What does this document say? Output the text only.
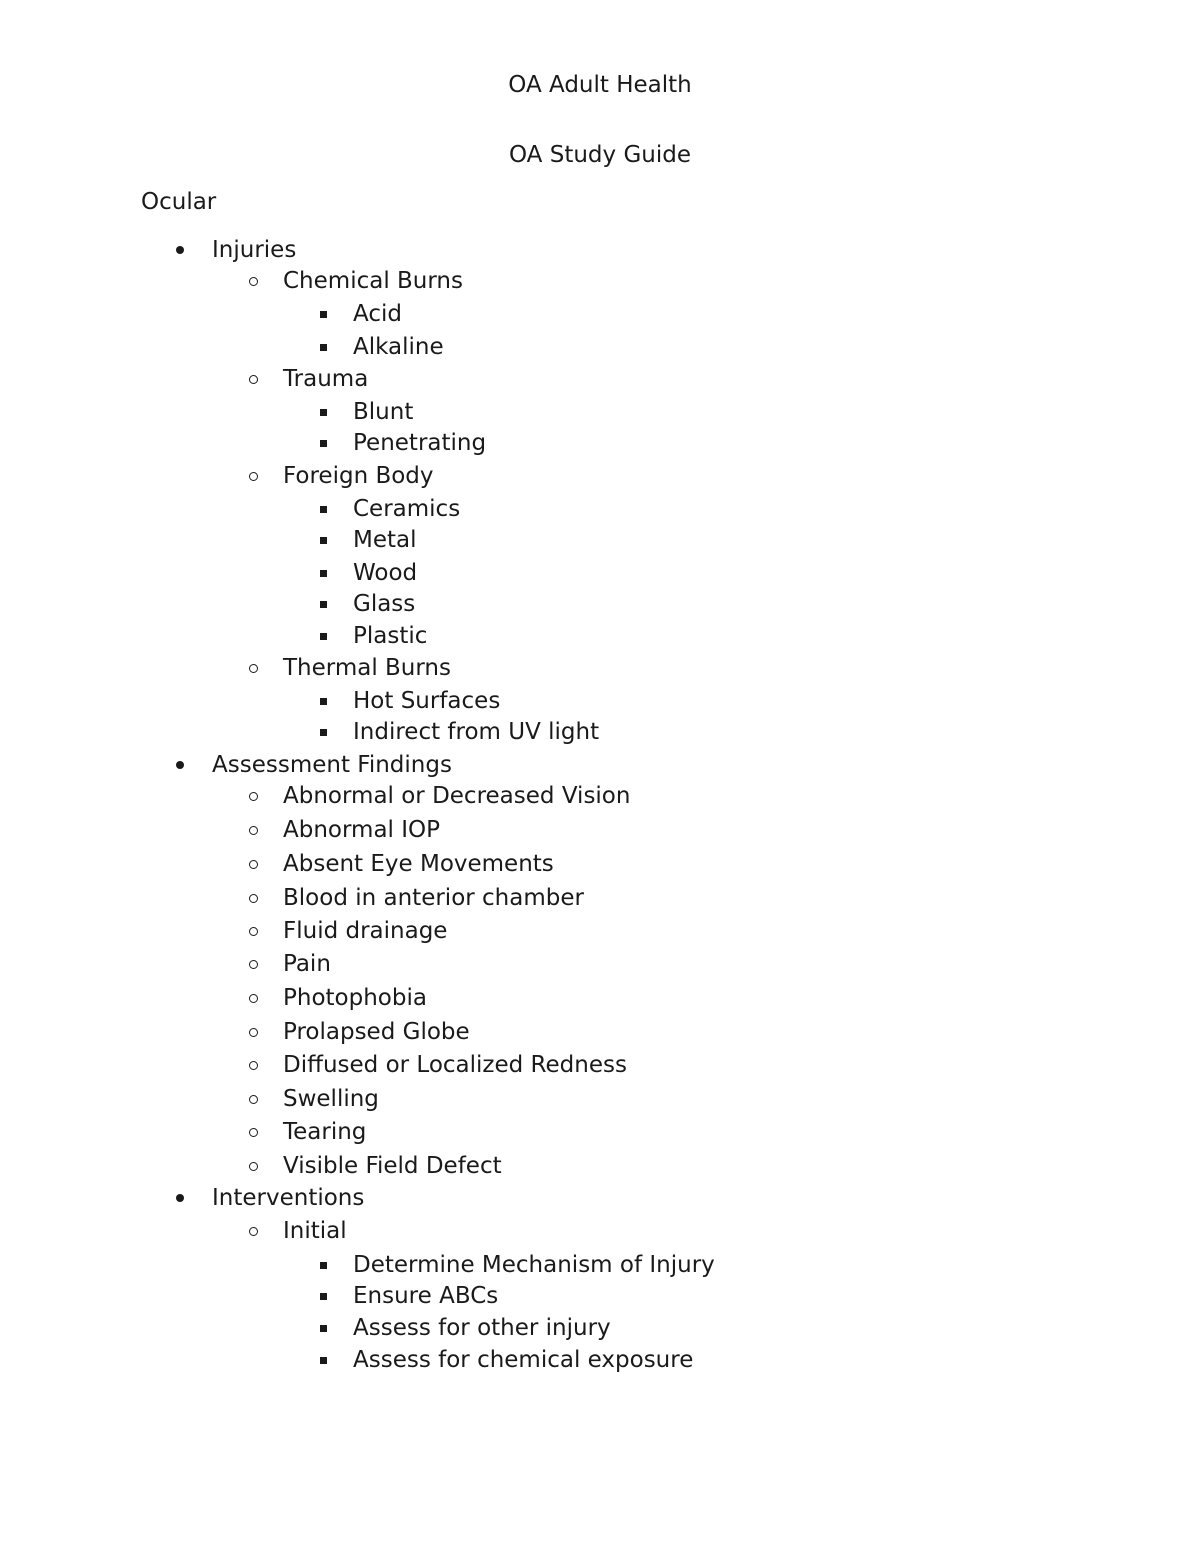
OA Adult Health
OA Study Guide
Ocular
Injuries
Chemical Burns
Acid
Alkaline
Trauma
Blunt
Penetrating
Foreign Body
Ceramics
Metal
Wood
Glass
Plastic
Thermal Burns
Hot Surfaces
Indirect from UV light
Assessment Findings
Abnormal or Decreased Vision
Abnormal IOP
Absent Eye Movements
Blood in anterior chamber
Fluid drainage
Pain
Photophobia
Prolapsed Globe
Diffused or Localized Redness
Swelling
Tearing
Visible Field Defect
Interventions
Initial
Determine Mechanism of Injury
Ensure ABCs
Assess for other injury
Assess for chemical exposure
